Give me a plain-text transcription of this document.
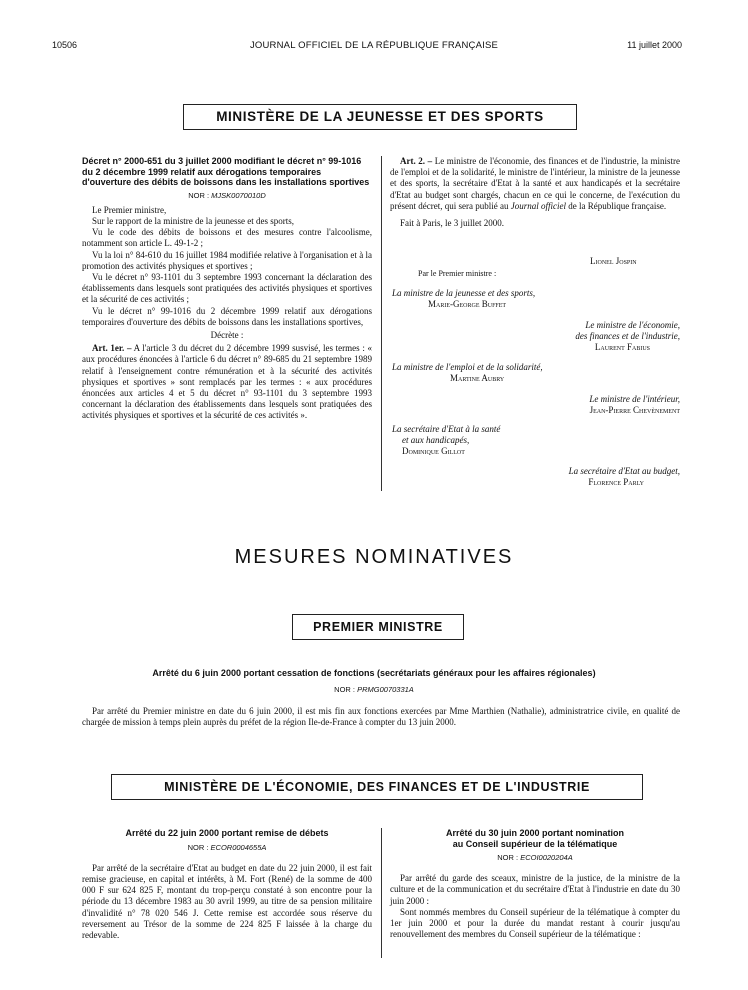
10506	JOURNAL OFFICIEL DE LA RÉPUBLIQUE FRANÇAISE	11 juillet 2000
MINISTÈRE DE LA JEUNESSE ET DES SPORTS
Décret n° 2000-651 du 3 juillet 2000 modifiant le décret n° 99-1016 du 2 décembre 1999 relatif aux dérogations temporaires d'ouverture des débits de boissons dans les installations sportives
NOR : MJSK0070010D

Le Premier ministre,

Sur le rapport de la ministre de la jeunesse et des sports,

Vu le code des débits de boissons et des mesures contre l'alcoolisme, notamment son article L. 49-1-2 ;

Vu la loi n° 84-610 du 16 juillet 1984 modifiée relative à l'organisation et à la promotion des activités physiques et sportives ;

Vu le décret n° 93-1101 du 3 septembre 1993 concernant la déclaration des établissements dans lesquels sont pratiquées des activités physiques et sportives et la sécurité de ces activités ;

Vu le décret n° 99-1016 du 2 décembre 1999 relatif aux dérogations temporaires d'ouverture des débits de boissons dans les installations sportives,

Décrète :

Art. 1er. – A l'article 3 du décret du 2 décembre 1999 susvisé, les termes : « aux procédures énoncées à l'article 6 du décret n° 89-685 du 21 septembre 1989 relatif à l'enseignement contre rémunération et à la sécurité des activités physiques et sportives » sont remplacés par les termes : « aux procédures énoncées aux articles 4 et 5 du décret n° 93-1101 du 3 septembre 1993 concernant la déclaration des établissements dans lesquels sont pratiquées des activités physiques et sportives et la sécurité de ces activités ».

Art. 2. – Le ministre de l'économie, des finances et de l'industrie, la ministre de l'emploi et de la solidarité, le ministre de l'intérieur, la ministre de la jeunesse et des sports, la secrétaire d'Etat à la santé et aux handicapés et la secrétaire d'Etat au budget sont chargés, chacun en ce qui le concerne, de l'exécution du présent décret, qui sera publié au Journal officiel de la République française.

Fait à Paris, le 3 juillet 2000.

Lionel Jospin
Par le Premier ministre :
La ministre de la jeunesse et des sports,
Marie-George Buffet
Le ministre de l'économie,
des finances et de l'industrie,
Laurent Fabius
La ministre de l'emploi et de la solidarité,
Martine Aubry
Le ministre de l'intérieur,
Jean-Pierre Chevènement
La secrétaire d'Etat à la santé
et aux handicapés,
Dominique Gillot
La secrétaire d'Etat au budget,
Florence Parly
MESURES NOMINATIVES
PREMIER MINISTRE
Arrêté du 6 juin 2000 portant cessation de fonctions (secrétariats généraux pour les affaires régionales)
NOR : PRMG0070331A

Par arrêté du Premier ministre en date du 6 juin 2000, il est mis fin aux fonctions exercées par Mme Marthien (Nathalie), administratrice civile, en qualité de chargée de mission à temps plein auprès du préfet de la région Ile-de-France à compter du 13 juin 2000.

MINISTÈRE DE L'ÉCONOMIE, DES FINANCES ET DE L'INDUSTRIE
Arrêté du 22 juin 2000 portant remise de débets
NOR : ECOR0004655A

Par arrêté de la secrétaire d'Etat au budget en date du 22 juin 2000, il est fait remise gracieuse, en capital et intérêts, à M. Fort (René) de la somme de 400 000 F sur 624 825 F, montant du trop-perçu constaté à son encontre pour la période du 13 décembre 1983 au 30 avril 1999, au titre de sa pension militaire d'invalidité n° 78 020 546 J. Cette remise est accordée sous réserve du reversement au Trésor de la somme de 224 825 F laissée à la charge du redevable.

Arrêté du 30 juin 2000 portant nomination
au Conseil supérieur de la télématique
NOR : ECOI0020204A

Par arrêté du garde des sceaux, ministre de la justice, de la ministre de la culture et de la communication et du secrétaire d'Etat à l'industrie en date du 30 juin 2000 :

Sont nommés membres du Conseil supérieur de la télématique à compter du 1er juin 2000 et pour la durée du mandat restant à courir jusqu'au renouvellement des membres du Conseil supérieur de la télématique :
